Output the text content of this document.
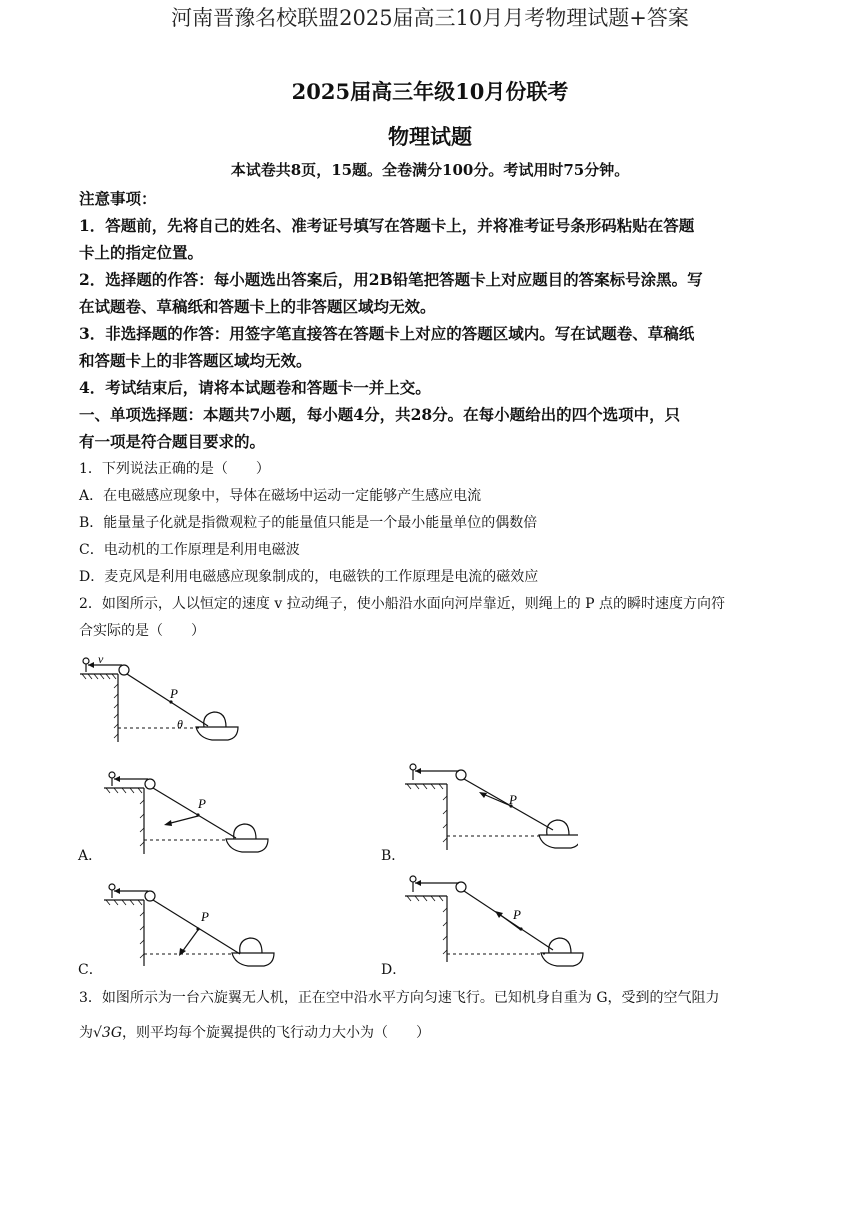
河南晋豫名校联盟2025届高三10月月考物理试题+答案
2025届高三年级10月份联考
物理试题
本试卷共8页，15题。全卷满分100分。考试用时75分钟。
注意事项：
1．答题前，先将自己的姓名、准考证号填写在答题卡上，并将准考证号条形码粘贴在答题
卡上的指定位置。
2．选择题的作答：每小题选出答案后，用2B铅笔把答题卡上对应题目的答案标号涂黑。写
在试题卷、草稿纸和答题卡上的非答题区域均无效。
3．非选择题的作答：用签字笔直接答在答题卡上对应的答题区域内。写在试题卷、草稿纸
和答题卡上的非答题区域均无效。
4．考试结束后，请将本试题卷和答题卡一并上交。
一、单项选择题：本题共7小题，每小题4分，共28分。在每小题给出的四个选项中，只
有一项是符合题目要求的。
1．下列说法正确的是（　　）
A．在电磁感应现象中，导体在磁场中运动一定能够产生感应电流
B．能量量子化就是指微观粒子的能量值只能是一个最小能量单位的偶数倍
C．电动机的工作原理是利用电磁波
D．麦克风是利用电磁感应现象制成的，电磁铁的工作原理是电流的磁效应
2．如图所示，人以恒定的速度 v 拉动绳子，使小船沿水面向河岸靠近，则绳上的 P 点的瞬时速度方向符
合实际的是（　　）
v
P
θ
P
A．
P
B．
P
C．
P
D．
3．如图所示为一台六旋翼无人机，正在空中沿水平方向匀速飞行。已知机身自重为 G，受到的空气阻力
为√3G，则平均每个旋翼提供的飞行动力大小为（　　）
